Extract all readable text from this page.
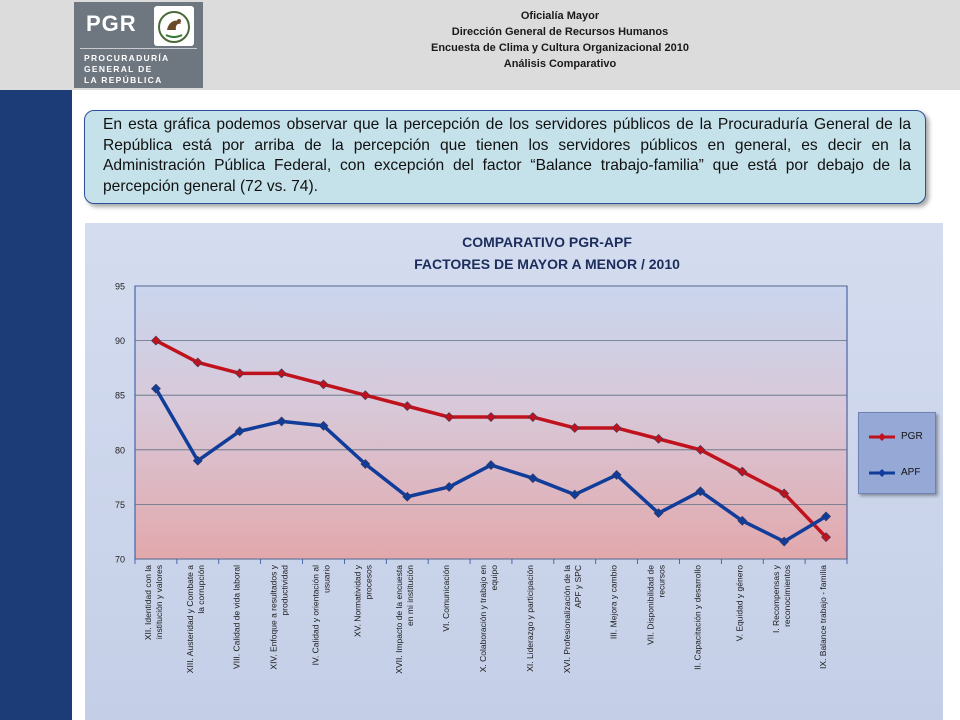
PGR
PROCURADURÍA
GENERAL DE
LA REPÚBLICA
Oficialía Mayor
Dirección General de Recursos Humanos
Encuesta de Clima y Cultura Organizacional 2010
Análisis Comparativo

En esta gráfica podemos observar que la percepción de los servidores públicos de la Procuraduría General de la República está por arriba de la percepción que tienen los servidores públicos en general, es decir en la Administración Pública Federal, con excepción del factor “Balance trabajo-familia” que está por debajo de la percepción general (72 vs. 74).

COMPARATIVO PGR-APF
FACTORES DE MAYOR A MENOR / 2010
70
75
80
85
90
95
XII. Identidad con la institución y valores XIII. Austeridad y Combate a la corrupción	VIII. Calidad de vida laboral	XIV. Enfoque a resultados y productividad IV. Calidad y orientación al usuario XV. Normatividad y procesos XVII. Impacto de la encuesta en mi institución	VI. Comunicación	X. Colaboración y trabajo en equipo	XI. Liderazgo y participación	XVI. Profesionalización de la APF y SPC	III. Mejora y cambio	VII. Disponibilidad de recursos	II. Capacitación y desarrollo	V. Equidad y género	I. Recompensas y reconocimientos	IX. Balance trabajo - familia
PGR
APF
